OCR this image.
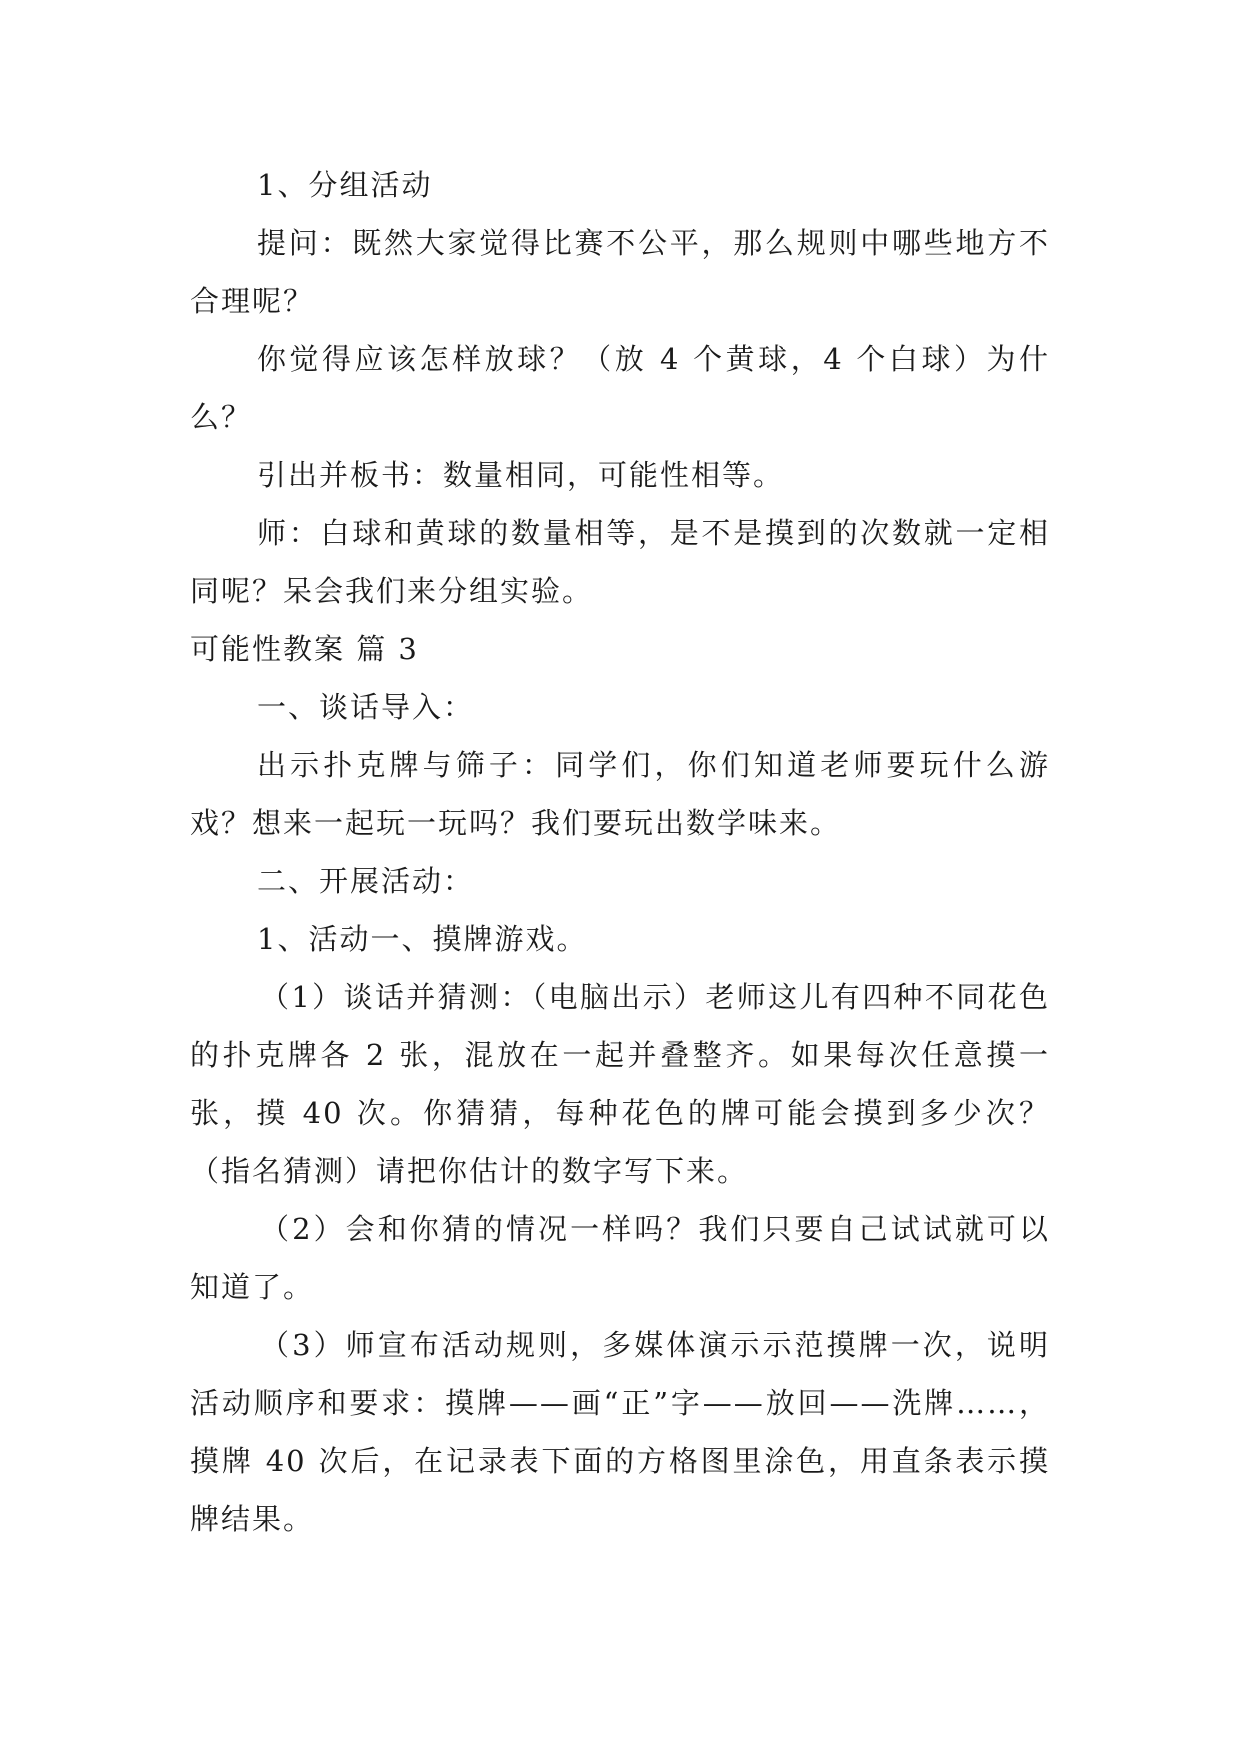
1、分组活动

提问：既然大家觉得比赛不公平，那么规则中哪些地方不合理呢？

你觉得应该怎样放球？（放 4 个黄球，4 个白球）为什么？

引出并板书：数量相同，可能性相等。

师：白球和黄球的数量相等，是不是摸到的次数就一定相同呢？呆会我们来分组实验。

可能性教案 篇 3

一、谈话导入：

出示扑克牌与筛子：同学们，你们知道老师要玩什么游戏？想来一起玩一玩吗？我们要玩出数学味来。

二、开展活动：

1、活动一、摸牌游戏。

（1）谈话并猜测：（电脑出示）老师这儿有四种不同花色的扑克牌各 2 张，混放在一起并叠整齐。如果每次任意摸一张，摸 40 次。你猜猜，每种花色的牌可能会摸到多少次？（指名猜测）请把你估计的数字写下来。

（2）会和你猜的情况一样吗？我们只要自己试试就可以知道了。

（3）师宣布活动规则，多媒体演示示范摸牌一次，说明活动顺序和要求：摸牌——画“正”字——放回——洗牌……，摸牌 40 次后，在记录表下面的方格图里涂色，用直条表示摸牌结果。
